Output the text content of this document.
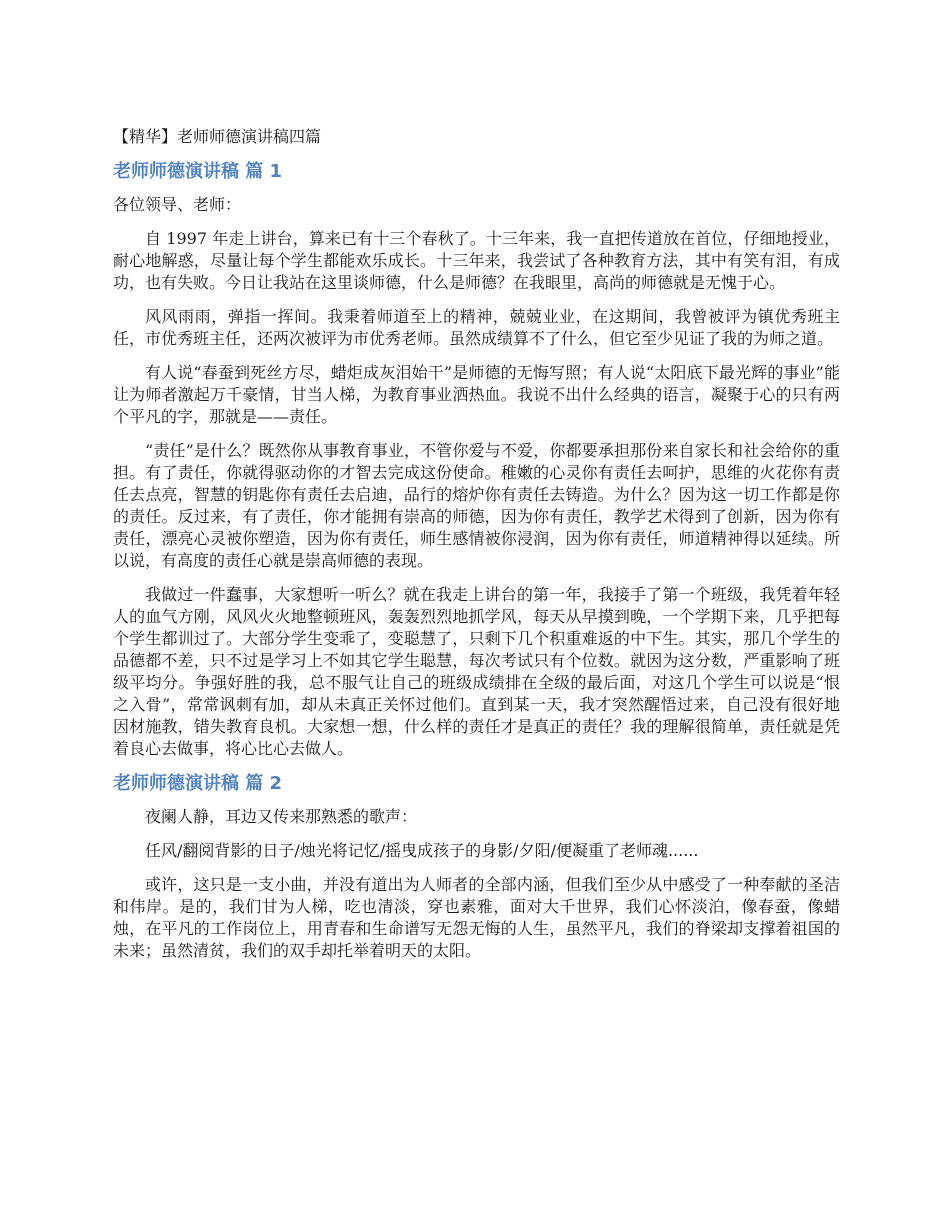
【精华】老师师德演讲稿四篇
老师师德演讲稿 篇 1

各位领导、老师：

自 1997 年走上讲台，算来已有十三个春秋了。十三年来，我一直把传道放在首位，仔细地授业，耐心地解惑，尽量让每个学生都能欢乐成长。十三年来，我尝试了各种教育方法，其中有笑有泪，有成功，也有失败。今日让我站在这里谈师德，什么是师德？在我眼里，高尚的师德就是无愧于心。

风风雨雨，弹指一挥间。我秉着师道至上的精神，兢兢业业，在这期间，我曾被评为镇优秀班主任，市优秀班主任，还两次被评为市优秀老师。虽然成绩算不了什么，但它至少见证了我的为师之道。

有人说“春蚕到死丝方尽，蜡炬成灰泪始干”是师德的无悔写照；有人说“太阳底下最光辉的事业”能让为师者激起万千豪情，甘当人梯，为教育事业洒热血。我说不出什么经典的语言，凝聚于心的只有两个平凡的字，那就是——责任。

“责任”是什么？既然你从事教育事业，不管你爱与不爱，你都要承担那份来自家长和社会给你的重担。有了责任，你就得驱动你的才智去完成这份使命。稚嫩的心灵你有责任去呵护，思维的火花你有责任去点亮，智慧的钥匙你有责任去启迪，品行的熔炉你有责任去铸造。为什么？因为这一切工作都是你的责任。反过来，有了责任，你才能拥有崇高的师德，因为你有责任，教学艺术得到了创新，因为你有责任，漂亮心灵被你塑造，因为你有责任，师生感情被你浸润，因为你有责任，师道精神得以延续。所以说，有高度的责任心就是崇高师德的表现。

我做过一件蠢事，大家想听一听么？就在我走上讲台的第一年，我接手了第一个班级，我凭着年轻人的血气方刚，风风火火地整顿班风，轰轰烈烈地抓学风，每天从早摸到晚，一个学期下来，几乎把每个学生都训过了。大部分学生变乖了，变聪慧了，只剩下几个积重难返的中下生。其实，那几个学生的品德都不差，只不过是学习上不如其它学生聪慧，每次考试只有个位数。就因为这分数，严重影响了班级平均分。争强好胜的我，总不服气让自己的班级成绩排在全级的最后面，对这几个学生可以说是“恨之入骨”，常常讽刺有加，却从未真正关怀过他们。直到某一天，我才突然醒悟过来，自己没有很好地因材施教，错失教育良机。大家想一想，什么样的责任才是真正的责任？我的理解很简单，责任就是凭着良心去做事，将心比心去做人。

老师师德演讲稿 篇 2

夜阑人静，耳边又传来那熟悉的歌声：

任风/翻阅背影的日子/烛光将记忆/摇曳成孩子的身影/夕阳/便凝重了老师魂......

或许，这只是一支小曲，并没有道出为人师者的全部内涵，但我们至少从中感受了一种奉献的圣洁和伟岸。是的，我们甘为人梯，吃也清淡，穿也素雅，面对大千世界，我们心怀淡泊，像春蚕，像蜡烛，在平凡的工作岗位上，用青春和生命谱写无怨无悔的人生，虽然平凡，我们的脊梁却支撑着祖国的未来；虽然清贫，我们的双手却托举着明天的太阳。
